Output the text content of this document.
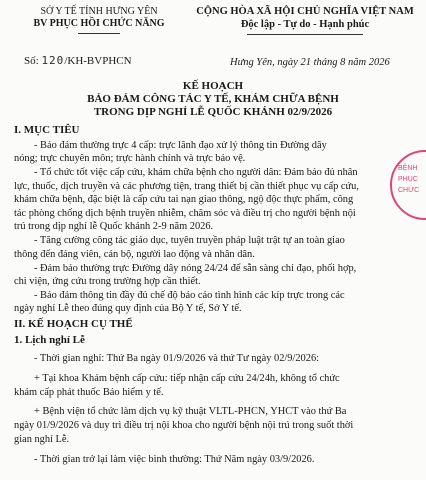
SỞ Y TẾ TỈNH HƯNG YÊN
BV PHỤC HỒI CHỨC NĂNG
CỘNG HÒA XÃ HỘI CHỦ NGHĨA VIỆT NAM
Độc lập - Tự do - Hạnh phúc
Số: 120/KH-BVPHCN	Hưng Yên, ngày 21 tháng 8 năm 2026
KẾ HOẠCH
BẢO ĐẢM CÔNG TÁC Y TẾ, KHÁM CHỮA BỆNH
TRONG DỊP NGHỈ LỄ QUỐC KHÁNH 02/9/2026
I. MỤC TIÊU
- Bảo đảm thường trực 4 cấp: trực lãnh đạo xử lý thông tin Đường dây
nóng; trực chuyên môn; trực hành chính và trực bảo vệ.
- Tổ chức tốt việc cấp cứu, khám chữa bệnh cho người dân: Đảm bảo đủ nhân
lực, thuốc, dịch truyền và các phương tiện, trang thiết bị cần thiết phục vụ cấp cứu,
khám chữa bệnh, đặc biệt là cấp cứu tai nạn giao thông, ngộ độc thực phẩm, công
tác phòng chống dịch bệnh truyền nhiễm, chăm sóc và điều trị cho người bệnh nội
trú trong dịp nghỉ lễ Quốc khánh 2-9 năm 2026.
- Tăng cường công tác giáo dục, tuyên truyền pháp luật trật tự an toàn giao
thông đến đảng viên, cán bộ, người lao động và nhân dân.
- Đảm bảo thường trực Đường dây nóng 24/24 để sẵn sàng chỉ đạo, phối hợp,
chi viện, ứng cứu trong trường hợp cần thiết.
- Bảo đảm thông tin đầy đủ chế độ báo cáo tình hình các kíp trực trong các
ngày nghỉ Lễ theo đúng quy định của Bộ Y tế, Sở Y tế.
II. KẾ HOẠCH CỤ THỂ
1. Lịch nghỉ Lễ
- Thời gian nghỉ: Thứ Ba ngày 01/9/2026 và thứ Tư ngày 02/9/2026:
+ Tại khoa Khám bệnh cấp cứu: tiếp nhận cấp cứu 24/24h, không tổ chức
khám cấp phát thuốc Bảo hiểm y tế.
+ Bệnh viện tổ chức làm dịch vụ kỹ thuật VLTL-PHCN, YHCT vào thứ Ba
ngày 01/9/2026 và duy trì điều trị nội khoa cho người bệnh nội trú trong suốt thời
gian nghỉ Lễ.
- Thời gian trở lại làm việc bình thường: Thứ Năm ngày 03/9/2026.
BỆNH
PHỤC
CHỨC
